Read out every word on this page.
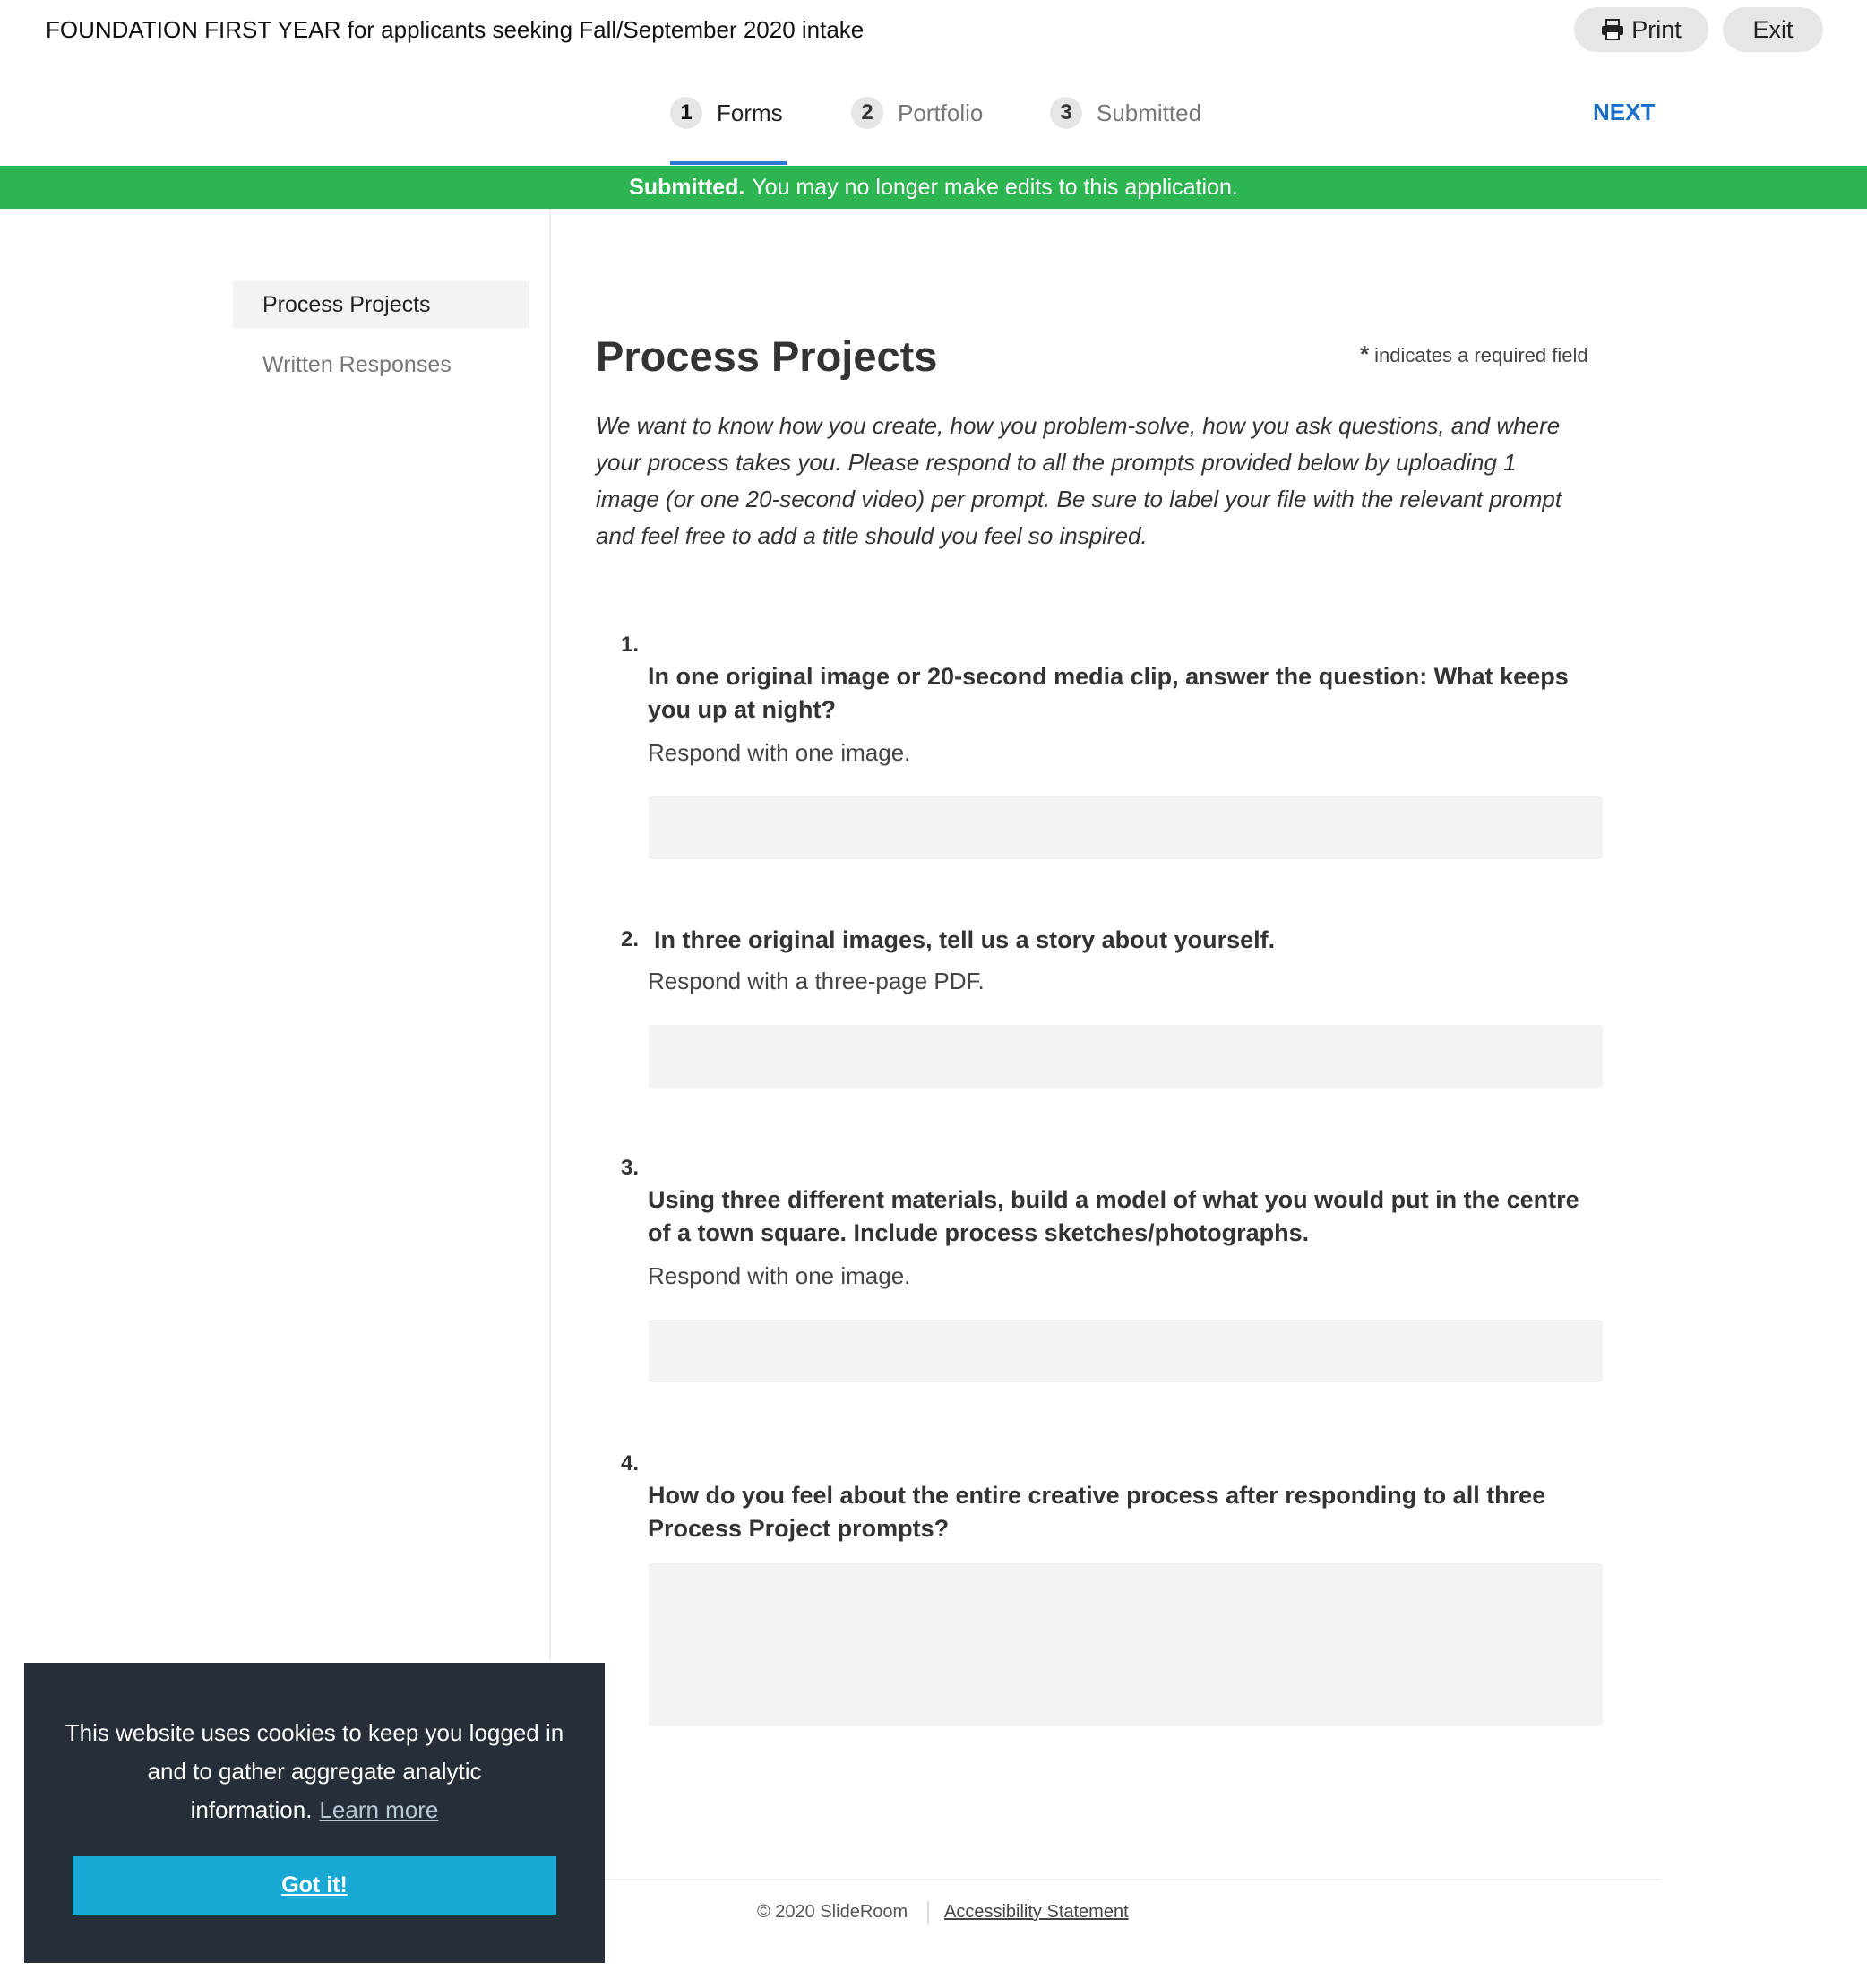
FOUNDATION FIRST YEAR for applicants seeking Fall/September 2020 intake	Print	Exit
1	Forms	2	Portfolio	3	Submitted	NEXT
Submitted. You may no longer make edits to this application.
Process Projects
Written Responses	Process Projects	* indicates a required field

We want to know how you create, how you problem-solve, how you ask questions, and where your process takes you. Please respond to all the prompts provided below by uploading 1 image (or one 20-second video) per prompt. Be sure to label your file with the relevant prompt and feel free to add a title should you feel so inspired.

1.
In one original image or 20-second media clip, answer the question: What keeps you up at night?
Respond with one image.
2. In three original images, tell us a story about yourself.
Respond with a three-page PDF.
3.
Using three different materials, build a model of what you would put in the centre of a town square. Include process sketches/photographs.
Respond with one image.
4.
How do you feel about the entire creative process after responding to all three Process Project prompts?
© 2020 SlideRoom Accessibility Statement
This website uses cookies to keep you logged in and to gather aggregate analytic information. Learn more
Got it!
